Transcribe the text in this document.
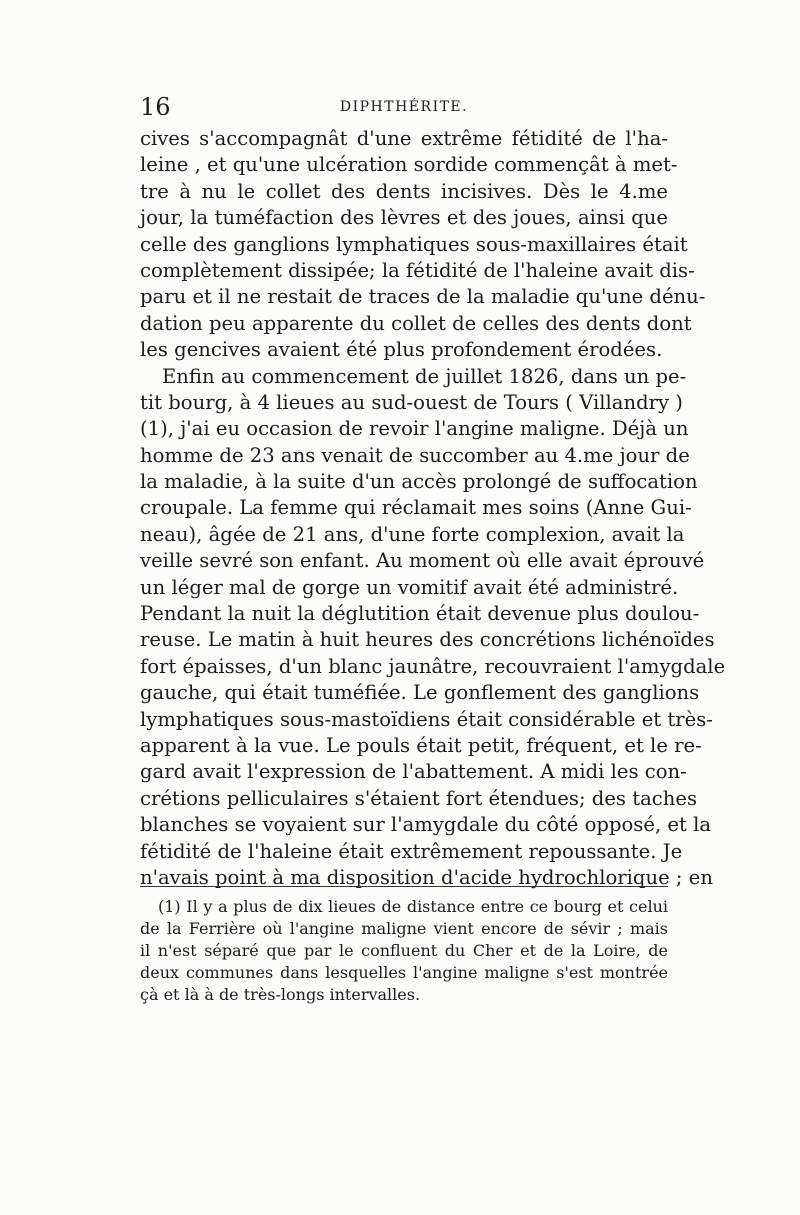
16	DIPHTHÉRITE.
cives s'accompagnât d'une extrême fétidité de l'ha-
leine , et qu'une ulcération sordide commençât à met-
tre à nu le collet des dents incisives. Dès le 4.me
jour, la tuméfaction des lèvres et des joues, ainsi que
celle des ganglions lymphatiques sous-maxillaires était
complètement dissipée; la fétidité de l'haleine avait dis-
paru et il ne restait de traces de la maladie qu'une dénu-
dation peu apparente du collet de celles des dents dont
les gencives avaient été plus profondement érodées.
Enfin au commencement de juillet 1826, dans un pe-
tit bourg, à 4 lieues au sud-ouest de Tours ( Villandry )
(1), j'ai eu occasion de revoir l'angine maligne. Déjà un
homme de 23 ans venait de succomber au 4.me jour de
la maladie, à la suite d'un accès prolongé de suffocation
croupale. La femme qui réclamait mes soins (Anne Gui-
neau), âgée de 21 ans, d'une forte complexion, avait la
veille sevré son enfant. Au moment où elle avait éprouvé
un léger mal de gorge un vomitif avait été administré.
Pendant la nuit la déglutition était devenue plus doulou-
reuse. Le matin à huit heures des concrétions lichénoïdes
fort épaisses, d'un blanc jaunâtre, recouvraient l'amygdale
gauche, qui était tuméfiée. Le gonflement des ganglions
lymphatiques sous-mastoïdiens était considérable et très-
apparent à la vue. Le pouls était petit, fréquent, et le re-
gard avait l'expression de l'abattement. A midi les con-
crétions pelliculaires s'étaient fort étendues; des taches
blanches se voyaient sur l'amygdale du côté opposé, et la
fétidité de l'haleine était extrêmement repoussante. Je
n'avais point à ma disposition d'acide hydrochlorique ; en
(1) Il y a plus de dix lieues de distance entre ce bourg et celui
de la Ferrière où l'angine maligne vient encore de sévir ; mais
il n'est séparé que par le confluent du Cher et de la Loire, de
deux communes dans lesquelles l'angine maligne s'est montrée
çà et là à de très-longs intervalles.
